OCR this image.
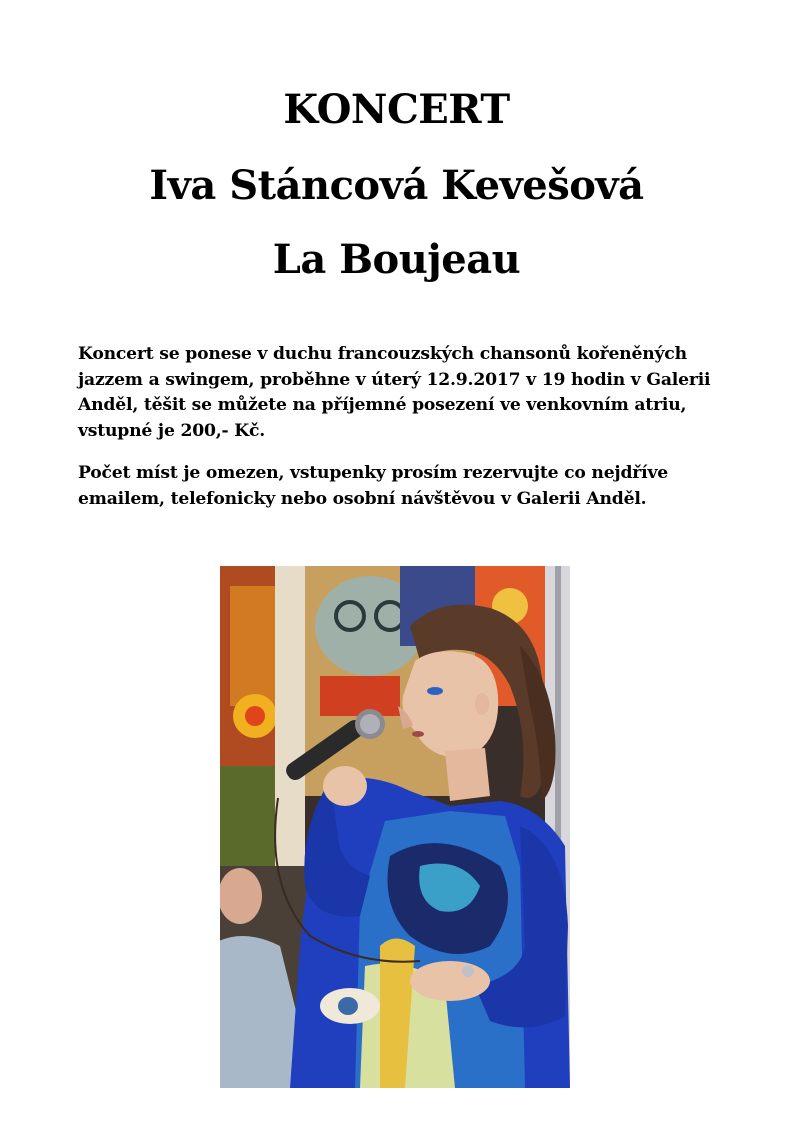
KONCERT
Iva Stáncová Kevešová
La Boujeau

Koncert se ponese v duchu francouzských chansonů kořeněných jazzem a swingem, proběhne v úterý 12.9.2017 v 19 hodin v Galerii Anděl, těšit se můžete na příjemné posezení ve venkovním atriu, vstupné je 200,- Kč.

Počet míst je omezen, vstupenky prosím rezervujte co nejdříve emailem, telefonicky nebo osobní návštěvou v Galerii Anděl.
